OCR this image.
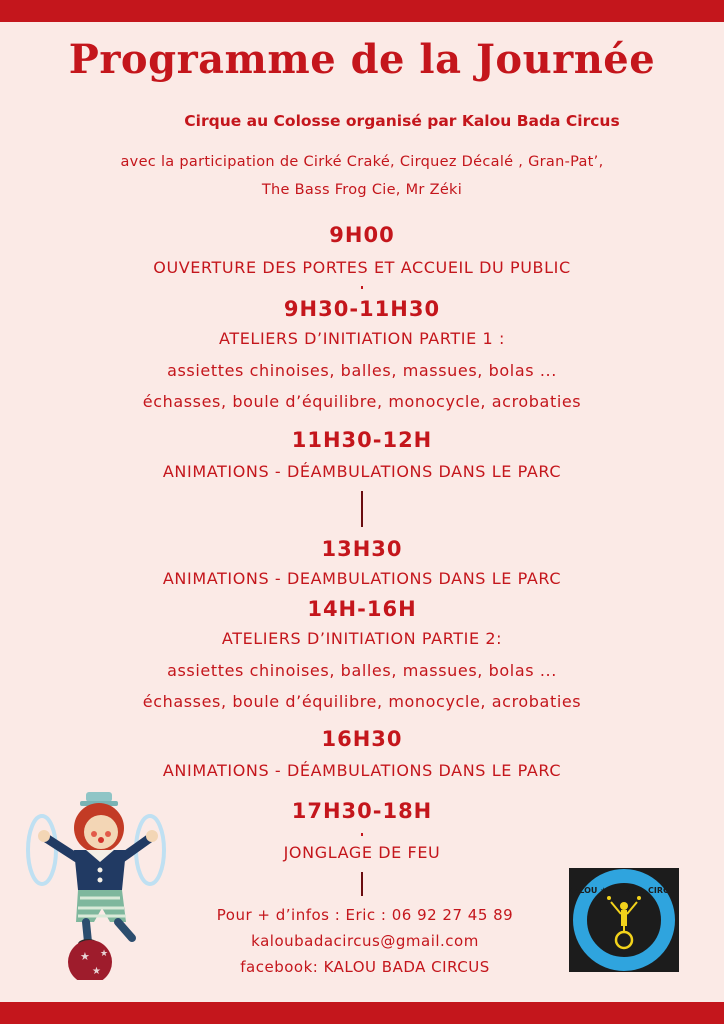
Programme de la Journée
Cirque au Colosse organisé par Kalou Bada Circus
avec la participation de Cirké Craké, Cirquez Décalé , Gran-Pat’,
The Bass Frog Cie, Mr Zéki
9H00
OUVERTURE DES PORTES ET ACCUEIL DU PUBLIC
9H30-11H30
ATELIERS D’INITIATION PARTIE 1 :
assiettes chinoises, balles, massues, bolas ...
échasses, boule d’équilibre, monocycle, acrobaties
11H30-12H
ANIMATIONS - DÉAMBULATIONS DANS LE PARC
13H30
ANIMATIONS - DEAMBULATIONS DANS LE PARC
14H-16H
ATELIERS D’INITIATION PARTIE 2:
assiettes chinoises, balles, massues, bolas ...
échasses, boule d’équilibre, monocycle, acrobaties
16H30
ANIMATIONS - DÉAMBULATIONS DANS LE PARC
17H30-18H
JONGLAGE DE FEU
Pour + d’infos : Eric : 06 92 27 45 89
kaloubadacircus@gmail.com
facebook: KALOU BADA CIRCUS
★
★
★
KALOU ★ BADA ★ CIRCUS
